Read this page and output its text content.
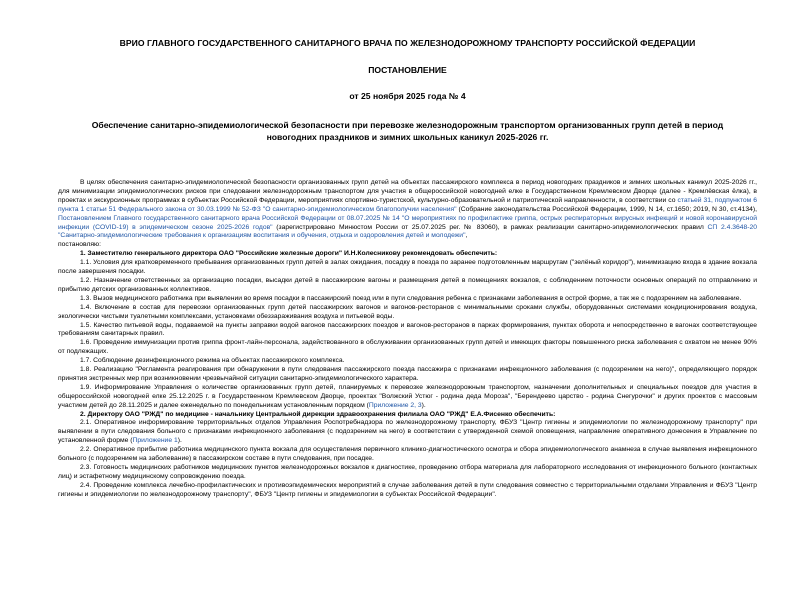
ВРИО ГЛАВНОГО ГОСУДАРСТВЕННОГО САНИТАРНОГО ВРАЧА ПО ЖЕЛЕЗНОДОРОЖНОМУ ТРАНСПОРТУ РОССИЙСКОЙ ФЕДЕРАЦИИ
ПОСТАНОВЛЕНИЕ
от 25 ноября 2025 года № 4
Обеспечение санитарно-эпидемиологической безопасности при перевозке железнодорожным транспортом организованных групп детей в период новогодних праздников и зимних школьных каникул 2025-2026 гг.

В целях обеспечения санитарно-эпидемиологической безопасности организованных групп детей на объектах пассажирского комплекса в период новогодних праздников и зимних школьных каникул 2025-2026 гг., для минимизации эпидемиологических рисков при следовании железнодорожным транспортом для участия в общероссийской новогодней елке в Государственном Кремлевском Дворце (далее - Кремлёвская ёлка), в проектах и экскурсионных программах в субъектах Российской Федерации, мероприятиях спортивно-туристской, культурно-образовательной и патриотической направленности, в соответствии со статьей 31, подпунктом 6 пункта 1 статьи 51 Федерального закона от 30.03.1999 № 52-ФЗ "О санитарно-эпидемиологическом благополучии населения" (Собрание законодательства Российской Федерации, 1999, N 14, ст.1650; 2019, N 30, ст.4134), Постановлением Главного государственного санитарного врача Российской Федерации от 08.07.2025 № 14 "О мероприятиях по профилактике гриппа, острых респираторных вирусных инфекций и новой коронавирусной инфекции (COVID-19) в эпидемическом сезоне 2025-2026 годов" (зарегистрировано Минюстом России от 25.07.2025 рег. № 83060), в рамках реализации санитарно-эпидемиологических правил СП 2.4.3648-20 "Санитарно-эпидемиологические требования к организациям воспитания и обучения, отдыха и оздоровления детей и молодежи",

постановляю:

1. Заместителю генерального директора ОАО "Российские железные дороги" И.Н.Колесникову рекомендовать обеспечить:

1.1. Условия для кратковременного пребывания организованных групп детей в залах ожидания, посадку в поезда по заранее подготовленным маршрутам ("зелёный коридор"), минимизацию входа в здание вокзала после завершения посадки.

1.2. Назначение ответственных за организацию посадки, высадки детей в пассажирские вагоны и размещения детей в помещениях вокзалов, с соблюдением поточности основных операций по отправлению и прибытию детских организованных коллективов.

1.3. Вызов медицинского работника при выявлении во время посадки в пассажирский поезд или в пути следования ребенка с признаками заболевания в острой форме, а так же с подозрением на заболевание.

1.4. Включение в состав для перевозки организованных групп детей пассажирских вагонов и вагонов-ресторанов с минимальными сроками службы, оборудованных системами кондиционирования воздуха, экологически чистыми туалетными комплексами, установками обеззараживания воздуха и питьевой воды.

1.5. Качество питьевой воды, подаваемой на пункты заправки водой вагонов пассажирских поездов и вагонов-ресторанов в парках формирования, пунктах оборота и непосредственно в вагонах соответствующее требованиям санитарных правил.

1.6. Проведение иммунизации против гриппа фронт-лайн-персонала, задействованного в обслуживании организованных групп детей и имеющих факторы повышенного риска заболевания с охватом не менее 90% от подлежащих.

1.7. Соблюдение дезинфекционного режима на объектах пассажирского комплекса.

1.8. Реализацию "Регламента реагирования при обнаружении в пути следования пассажирского поезда пассажира с признаками инфекционного заболевания (с подозрением на него)", определяющего порядок принятия экстренных мер при возникновении чрезвычайной ситуации санитарно-эпидемиологического характера.

1.9. Информирование Управления о количестве организованных групп детей, планируемых к перевозке железнодорожным транспортом, назначении дополнительных и специальных поездов для участия в общероссийской новогодней елке 25.12.2025 г. в Государственном Кремлевском Дворце, проектах "Волжский Устюг - родина деда Мороза", "Берендеево царство - родина Снегурочки" и других проектов с массовым участием детей до 28.11.2025 и далее еженедельно по понедельникам установленным порядком (Приложение 2, 3).

2. Директору ОАО "РЖД" по медицине - начальнику Центральной дирекции здравоохранения филиала ОАО "РЖД" Е.А.Фисенко обеспечить:

2.1. Оперативное информирование территориальных отделов Управления Роспотребнадзора по железнодорожному транспорту, ФБУЗ "Центр гигиены и эпидемиологии по железнодорожному транспорту" при выявлении в пути следования больного с признаками инфекционного заболевания (с подозрением на него) в соответствии с утвержденной схемой оповещения, направление оперативного донесения в Управление по установленной форме (Приложение 1).

2.2. Оперативное прибытие работника медицинского пункта вокзала для осуществления первичного клинико-диагностического осмотра и сбора эпидемиологического анамнеза в случае выявления инфекционного больного (с подозрением на заболевание) в пассажирском составе в пути следования, при посадке.

2.3. Готовность медицинских работников медицинских пунктов железнодорожных вокзалов к диагностике, проведению отбора материала для лабораторного исследования от инфекционного больного (контактных лиц) и эстафетному медицинскому сопровождению поезда.

2.4. Проведение комплекса лечебно-профилактических и противоэпидемических мероприятий в случае заболевания детей в пути следования совместно с территориальными отделами Управления и ФБУЗ "Центр гигиены и эпидемиологии по железнодорожному транспорту", ФБУЗ "Центр гигиены и эпидемиологии в субъектах Российской Федерации".
